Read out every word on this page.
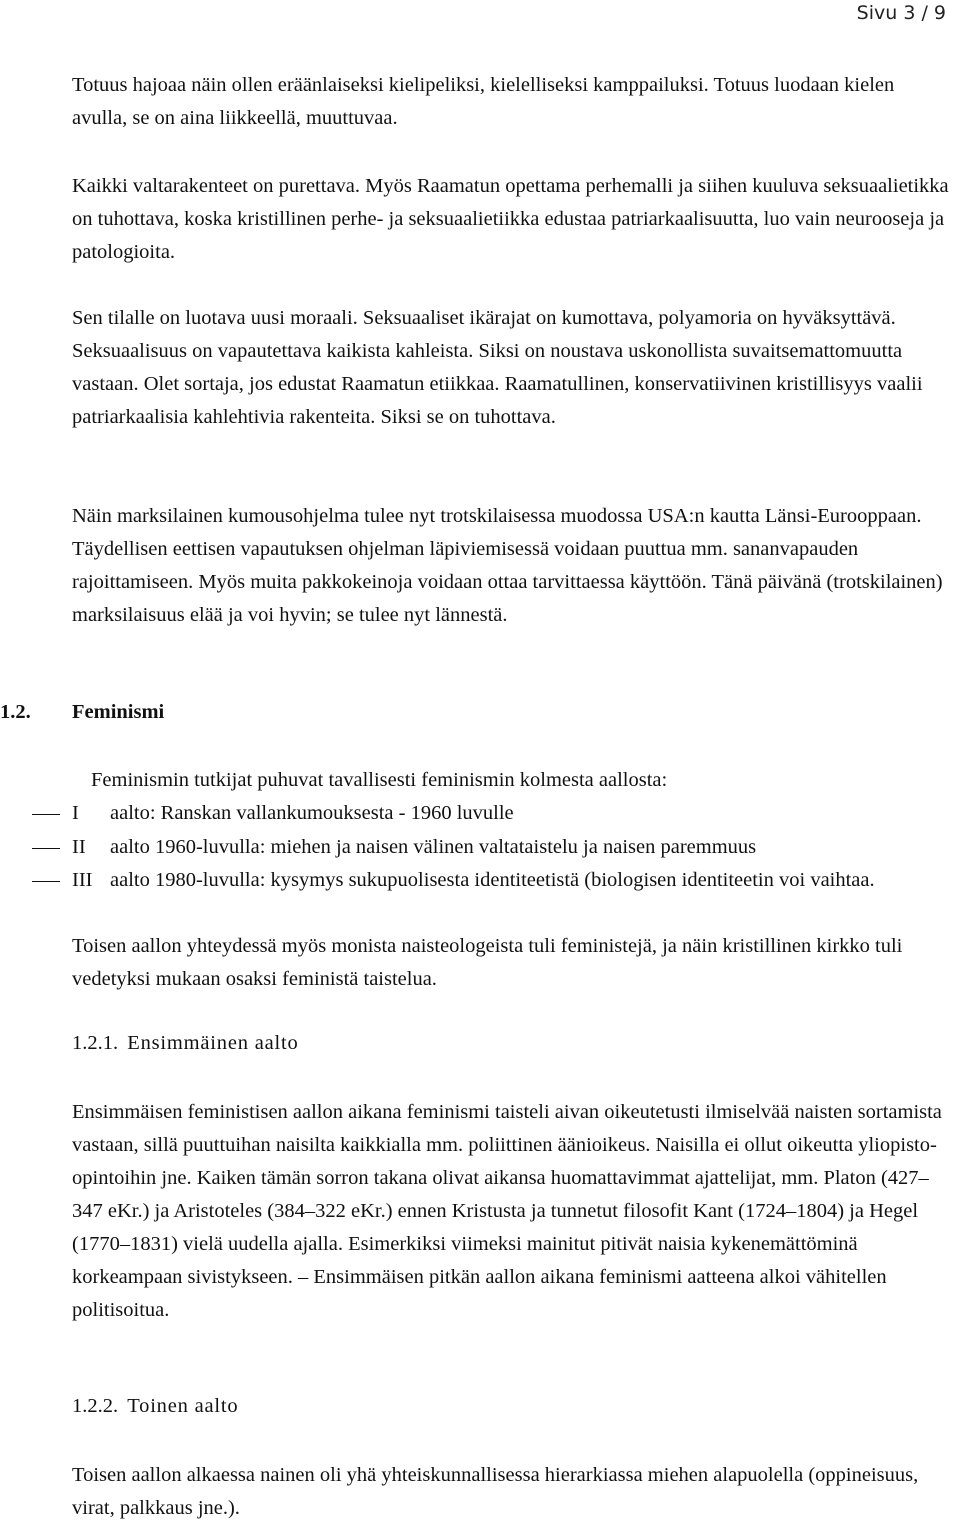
Sivu 3 / 9

Totuus hajoaa näin ollen eräänlaiseksi kielipeliksi, kielelliseksi kamppailuksi. Totuus luodaan kielen avulla, se on aina liikkeellä, muuttuvaa.

Kaikki valtarakenteet on purettava. Myös Raamatun opettama perhemalli ja siihen kuuluva seksuaalietikka on tuhottava, koska kristillinen perhe- ja seksuaalietiikka edustaa patriarkaalisuutta, luo vain neurooseja ja patologioita.

Sen tilalle on luotava uusi moraali. Seksuaaliset ikärajat on kumottava, polyamoria on hyväksyttävä. Seksuaalisuus on vapautettava kaikista kahleista. Siksi on noustava uskonollista suvaitsemattomuutta vastaan. Olet sortaja, jos edustat Raamatun etiikkaa. Raamatullinen, konservatiivinen kristillisyys vaalii patriarkaalisia kahlehtivia rakenteita. Siksi se on tuhottava.

Näin marksilainen kumousohjelma tulee nyt trotskilaisessa muodossa USA:n kautta Länsi-Eurooppaan. Täydellisen eettisen vapautuksen ohjelman läpiviemisessä voidaan puuttua mm. sananvapauden rajoittamiseen. Myös muita pakkokeinoja voidaan ottaa tarvittaessa käyttöön. Tänä päivänä (trotskilainen) marksilaisuus elää ja voi hyvin; se tulee nyt lännestä.

1.2. Feminismi
Feminismin tutkijat puhuvat tavallisesti feminismin kolmesta aallosta:
I aalto: Ranskan vallankumouksesta - 1960 luvulle
II aalto 1960-luvulla: miehen ja naisen välinen valtataistelu ja naisen paremmuus
III aalto 1980-luvulla: kysymys sukupuolisesta identiteetistä (biologisen identiteetin voi vaihtaa.

Toisen aallon yhteydessä myös monista naisteologeista tuli feministejä, ja näin kristillinen kirkko tuli vedetyksi mukaan osaksi feministä taistelua.

1.2.1. Ensimmäinen aalto

Ensimmäisen feministisen aallon aikana feminismi taisteli aivan oikeutetusti ilmiselvää naisten sortamista vastaan, sillä puuttuihan naisilta kaikkialla mm. poliittinen äänioikeus. Naisilla ei ollut oikeutta yliopisto-opintoihin jne. Kaiken tämän sorron takana olivat aikansa huomattavimmat ajattelijat, mm. Platon (427–347 eKr.) ja Aristoteles (384–322 eKr.) ennen Kristusta ja tunnetut filosofit Kant (1724–1804) ja Hegel (1770–1831) vielä uudella ajalla. Esimerkiksi viimeksi mainitut pitivät naisia kykenemättöminä korkeampaan sivistykseen. – Ensimmäisen pitkän aallon aikana feminismi aatteena alkoi vähitellen politisoitua.

1.2.2. Toinen aalto

Toisen aallon alkaessa nainen oli yhä yhteiskunnallisessa hierarkiassa miehen alapuolella (oppineisuus, virat, palkkaus jne.).
